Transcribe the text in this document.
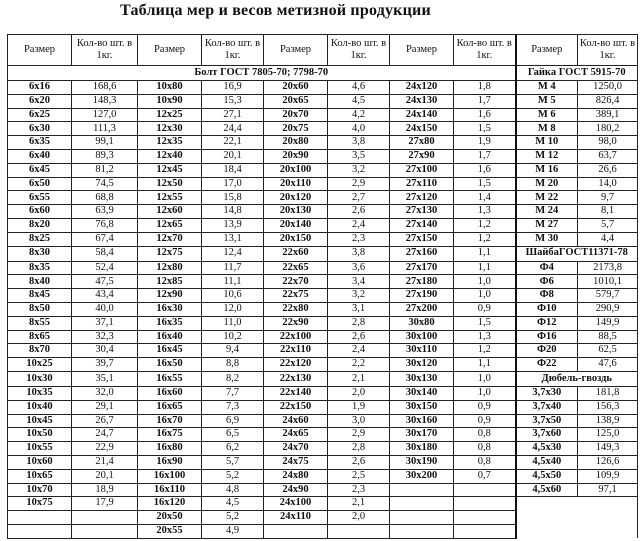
Таблица мер и весов метизной продукции
Размер	Кол-во шт. в 1кг.	Размер	Кол-во шт. в 1кг.	Размер	Кол-во шт. в 1кг.	Размер	Кол-во шт. в 1кг.	Размер	Кол-во шт. в 1кг.
Болт ГОСТ 7805-70; 7798-70								Гайка ГОСТ 5915-70	
6x16	168,6	10x80	16,9	20x60	4,6	24x120	1,8	M 4	1250,0
6x20	148,3	10x90	15,3	20x65	4,5	24x130	1,7	M 5	826,4
6x25	127,0	12x25	27,1	20x70	4,2	24x140	1,6	M 6	389,1
6x30	111,3	12x30	24,4	20x75	4,0	24x150	1,5	M 8	180,2
6x35	99,1	12x35	22,1	20x80	3,8	27x80	1,9	M 10	98,0
6x40	89,3	12x40	20,1	20x90	3,5	27x90	1,7	M 12	63,7
6x45	81,2	12x45	18,4	20x100	3,2	27x100	1,6	M 16	26,6
6x50	74,5	12x50	17,0	20x110	2,9	27x110	1,5	M 20	14,0
6x55	68,8	12x55	15,8	20x120	2,7	27x120	1,4	M 22	9,7
6x60	63,9	12x60	14,8	20x130	2,6	27x130	1,3	M 24	8,1
8x20	76,8	12x65	13,9	20x140	2,4	27x140	1,2	M 27	5,7
8x25	67,4	12x70	13,1	20x150	2,3	27x150	1,2	M 30	4,4
8x30	58,4	12x75	12,4	22x60	3,8	27x160	1,1	ШайбаГОСТ11371-78	
8x35	52,4	12x80	11,7	22x65	3,6	27x170	1,1	Ф4	2173,8
8x40	47,5	12x85	11,1	22x70	3,4	27x180	1,0	Ф6	1010,1
8x45	43,4	12x90	10,6	22x75	3,2	27x190	1,0	Ф8	579,7
8x50	40,0	16x30	12,0	22x80	3,1	27x200	0,9	Ф10	290,9
8x55	37,1	16x35	11,0	22x90	2,8	30x80	1,5	Ф12	149,9
8x65	32,3	16x40	10,2	22x100	2,6	30x100	1,3	Ф16	88,5
8x70	30,4	16x45	9,4	22x110	2,4	30x110	1,2	Ф20	62,5
10x25	39,7	16x50	8,8	22x120	2,2	30x120	1,1	Ф22	47,6
10x30	35,1	16x55	8,2	22x130	2,1	30x130	1,0	Дюбель-гвоздь	
10x35	32,0	16x60	7,7	22x140	2,0	30x140	1,0	3,7x30	181,8
10x40	29,1	16x65	7,3	22x150	1,9	30x150	0,9	3,7x40	156,3
10x45	26,7	16x70	6,9	24x60	3,0	30x160	0,9	3,7x50	138,9
10x50	24,7	16x75	6,5	24x65	2,9	30x170	0,8	3,7x60	125,0
10x55	22,9	16x80	6,2	24x70	2,8	30x180	0,8	4,5x30	149,3
10x60	21,4	16x90	5,7	24x75	2,6	30x190	0,8	4,5x40	126,6
10x65	20,1	16x100	5,2	24x80	2,5	30x200	0,7	4,5x50	109,9
10x70	18,9	16x110	4,8	24x90	2,3			4,5x60	97,1
10x75	17,9	16x120	4,5	24x100	2,1				
		20x50	5,2	24x110	2,0				
		20x55	4,9						
